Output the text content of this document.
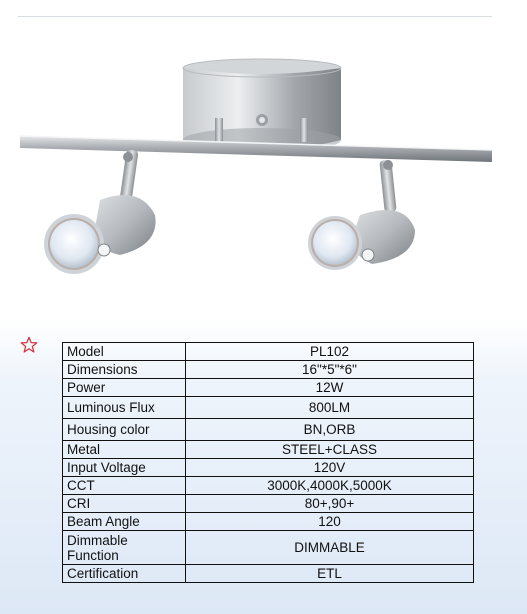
Model	PL102
Dimensions	16"*5"*6"
Power	12W
Luminous Flux	800LM
Housing color	BN,ORB
Metal	STEEL+CLASS
Input Voltage	120V
CCT	3000K,4000K,5000K
CRI	80+,90+
Beam Angle	120
Dimmable Function	DIMMABLE
Certification	ETL
